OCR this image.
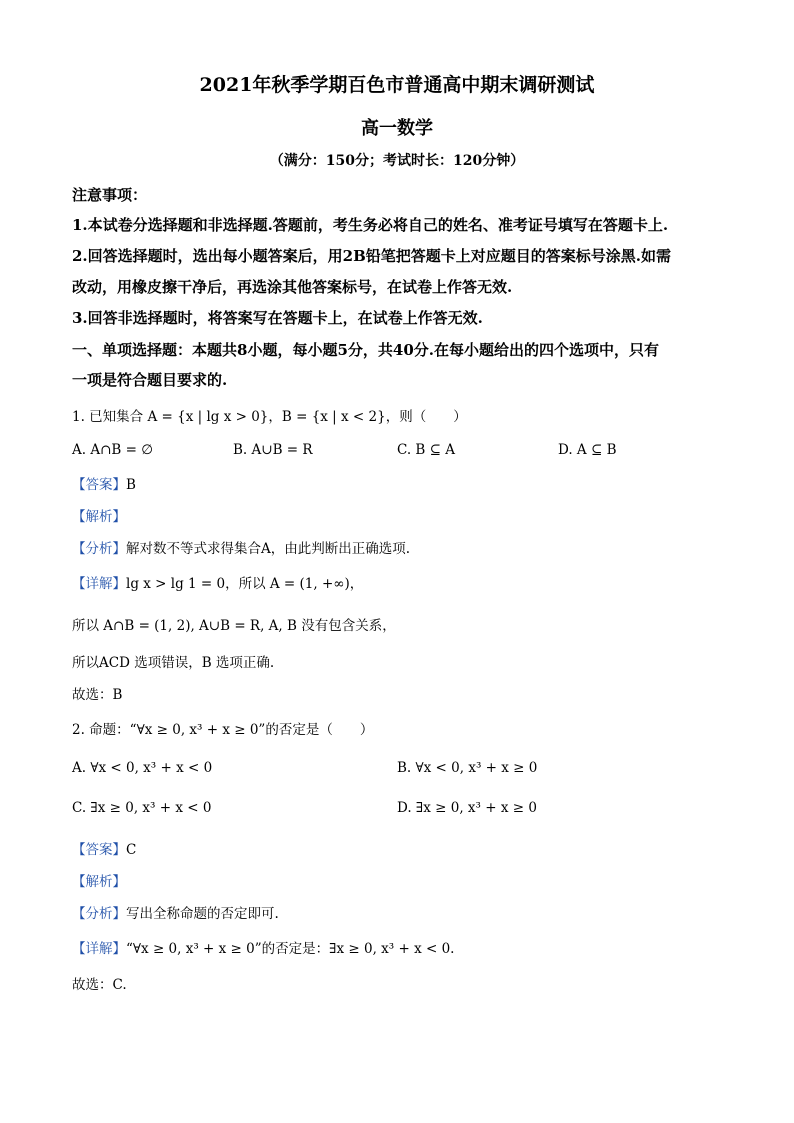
2021年秋季学期百色市普通高中期末调研测试
高一数学
（满分：150分；考试时长：120分钟）
注意事项：
1.本试卷分选择题和非选择题.答题前，考生务必将自己的姓名、准考证号填写在答题卡上.
2.回答选择题时，选出每小题答案后，用2B铅笔把答题卡上对应题目的答案标号涂黑.如需
改动，用橡皮擦干净后，再选涂其他答案标号，在试卷上作答无效.
3.回答非选择题时，将答案写在答题卡上，在试卷上作答无效.
一、单项选择题：本题共8小题，每小题5分，共40分.在每小题给出的四个选项中，只有
一项是符合题目要求的.
1. 已知集合 A = {x | lg x > 0}，B = {x | x < 2}，则（　　）
A. A∩B = ∅	B. A∪B = R	C. B ⊆ A	D. A ⊆ B
【答案】B
【解析】
【分析】解对数不等式求得集合A，由此判断出正确选项.
【详解】lg x > lg 1 = 0，所以 A = (1, +∞)，
所以 A∩B = (1, 2), A∪B = R, A, B 没有包含关系，
所以ACD 选项错误，B 选项正确.
故选：B
2. 命题：“∀x ≥ 0, x³ + x ≥ 0”的否定是（　　）
A. ∀x < 0, x³ + x < 0	B. ∀x < 0, x³ + x ≥ 0
C. ∃x ≥ 0, x³ + x < 0	D. ∃x ≥ 0, x³ + x ≥ 0
【答案】C
【解析】
【分析】写出全称命题的否定即可.
【详解】“∀x ≥ 0, x³ + x ≥ 0”的否定是：∃x ≥ 0, x³ + x < 0.
故选：C.
